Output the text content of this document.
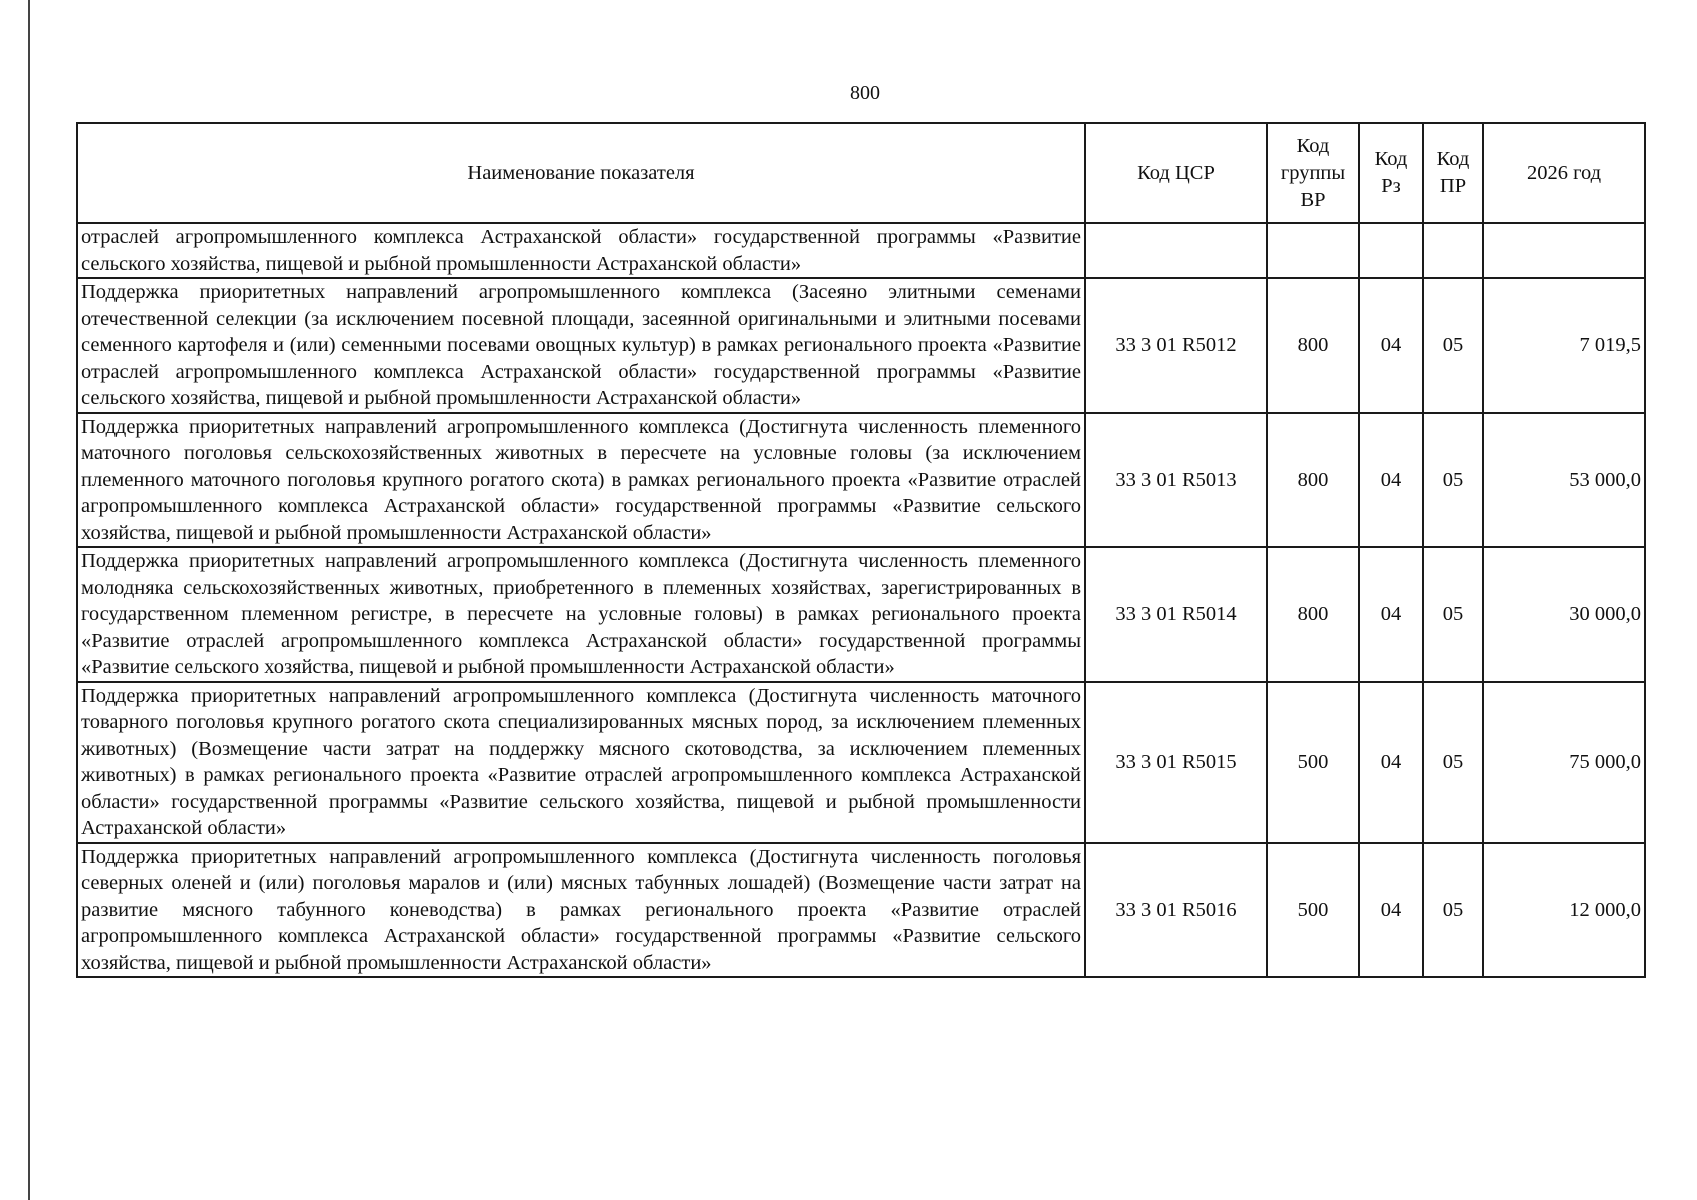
800
Наименование показателя	Код ЦСР	Код группы ВР	Код Рз	Код ПР	2026 год
отраслей агропромышленного комплекса Астраханской области» государственной программы «Развитие сельского хозяйства, пищевой и рыбной промышленности Астраханской области»					
Поддержка приоритетных направлений агропромышленного комплекса (Засеяно элитными семенами отечественной селекции (за исключением посевной площади, засеянной оригинальными и элитными посевами семенного картофеля и (или) семенными посевами овощных культур) в рамках регионального проекта «Развитие отраслей агропромышленного комплекса Астраханской области» государственной программы «Развитие сельского хозяйства, пищевой и рыбной промышленности Астраханской области»	33 3 01 R5012	800	04	05	7 019,5
Поддержка приоритетных направлений агропромышленного комплекса (Достигнута численность племенного маточного поголовья сельскохозяйственных животных в пересчете на условные головы (за исключением племенного маточного поголовья крупного рогатого скота) в рамках регионального проекта «Развитие отраслей агропромышленного комплекса Астраханской области» государственной программы «Развитие сельского хозяйства, пищевой и рыбной промышленности Астраханской области»	33 3 01 R5013	800	04	05	53 000,0
Поддержка приоритетных направлений агропромышленного комплекса (Достигнута численность племенного молодняка сельскохозяйственных животных, приобретенного в племенных хозяйствах, зарегистрированных в государственном племенном регистре, в пересчете на условные головы) в рамках регионального проекта «Развитие отраслей агропромышленного комплекса Астраханской области» государственной программы «Развитие сельского хозяйства, пищевой и рыбной промышленности Астраханской области»	33 3 01 R5014	800	04	05	30 000,0
Поддержка приоритетных направлений агропромышленного комплекса (Достигнута численность маточного товарного поголовья крупного рогатого скота специализированных мясных пород, за исключением племенных животных) (Возмещение части затрат на поддержку мясного скотоводства, за исключением племенных животных) в рамках регионального проекта «Развитие отраслей агропромышленного комплекса Астраханской области» государственной программы «Развитие сельского хозяйства, пищевой и рыбной промышленности Астраханской области»	33 3 01 R5015	500	04	05	75 000,0
Поддержка приоритетных направлений агропромышленного комплекса (Достигнута численность поголовья северных оленей и (или) поголовья маралов и (или) мясных табунных лошадей) (Возмещение части затрат на развитие мясного табунного коневодства) в рамках регионального проекта «Развитие отраслей агропромышленного комплекса Астраханской области» государственной программы «Развитие сельского хозяйства, пищевой и рыбной промышленности Астраханской области»	33 3 01 R5016	500	04	05	12 000,0
